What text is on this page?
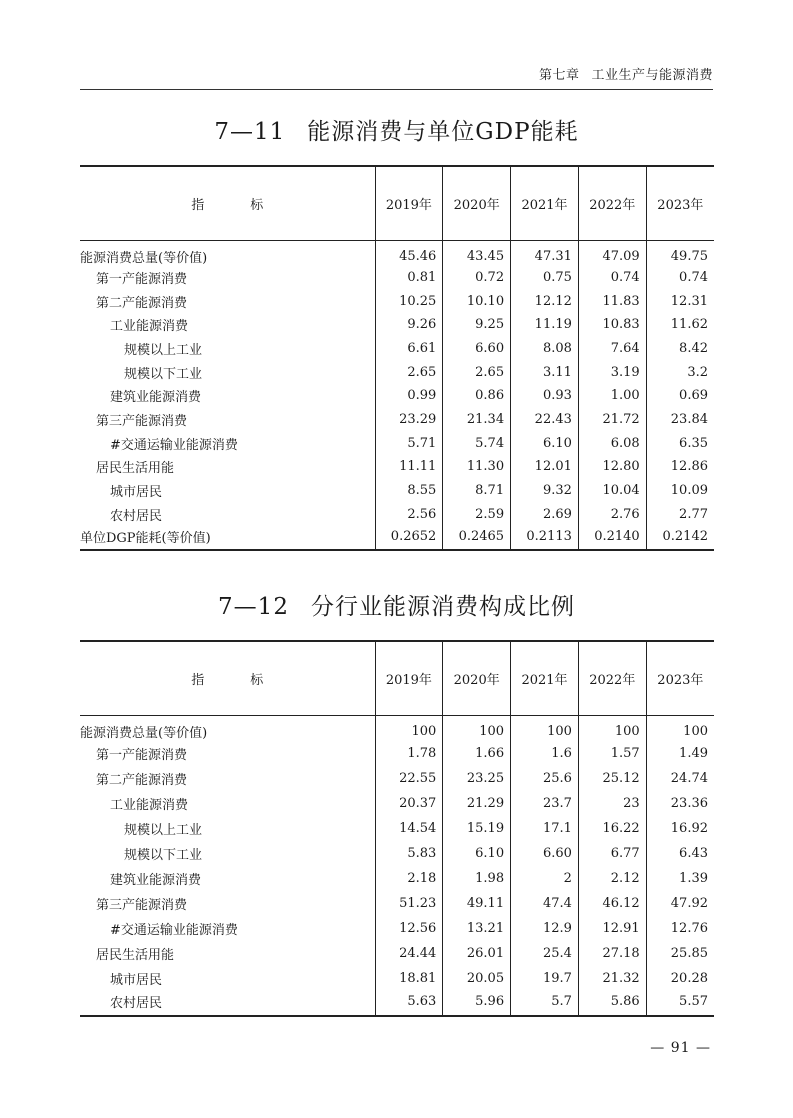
第七章 工业生产与能源消费
7—11 能源消费与单位GDP能耗
指标	2019年	2020年	2021年	2022年	2023年
能源消费总量(等价值)	45.46	43.45	47.31	47.09	49.75
第一产能源消费	0.81	0.72	0.75	0.74	0.74
第二产能源消费	10.25	10.10	12.12	11.83	12.31
工业能源消费	9.26	9.25	11.19	10.83	11.62
规模以上工业	6.61	6.60	8.08	7.64	8.42
规模以下工业	2.65	2.65	3.11	3.19	3.2
建筑业能源消费	0.99	0.86	0.93	1.00	0.69
第三产能源消费	23.29	21.34	22.43	21.72	23.84
#交通运输业能源消费	5.71	5.74	6.10	6.08	6.35
居民生活用能	11.11	11.30	12.01	12.80	12.86
城市居民	8.55	8.71	9.32	10.04	10.09
农村居民	2.56	2.59	2.69	2.76	2.77
单位DGP能耗(等价值)	0.2652	0.2465	0.2113	0.2140	0.2142
7—12 分行业能源消费构成比例
指标	2019年	2020年	2021年	2022年	2023年
能源消费总量(等价值)	100	100	100	100	100
第一产能源消费	1.78	1.66	1.6	1.57	1.49
第二产能源消费	22.55	23.25	25.6	25.12	24.74
工业能源消费	20.37	21.29	23.7	23	23.36
规模以上工业	14.54	15.19	17.1	16.22	16.92
规模以下工业	5.83	6.10	6.60	6.77	6.43
建筑业能源消费	2.18	1.98	2	2.12	1.39
第三产能源消费	51.23	49.11	47.4	46.12	47.92
#交通运输业能源消费	12.56	13.21	12.9	12.91	12.76
居民生活用能	24.44	26.01	25.4	27.18	25.85
城市居民	18.81	20.05	19.7	21.32	20.28
农村居民	5.63	5.96	5.7	5.86	5.57
— 91 —
